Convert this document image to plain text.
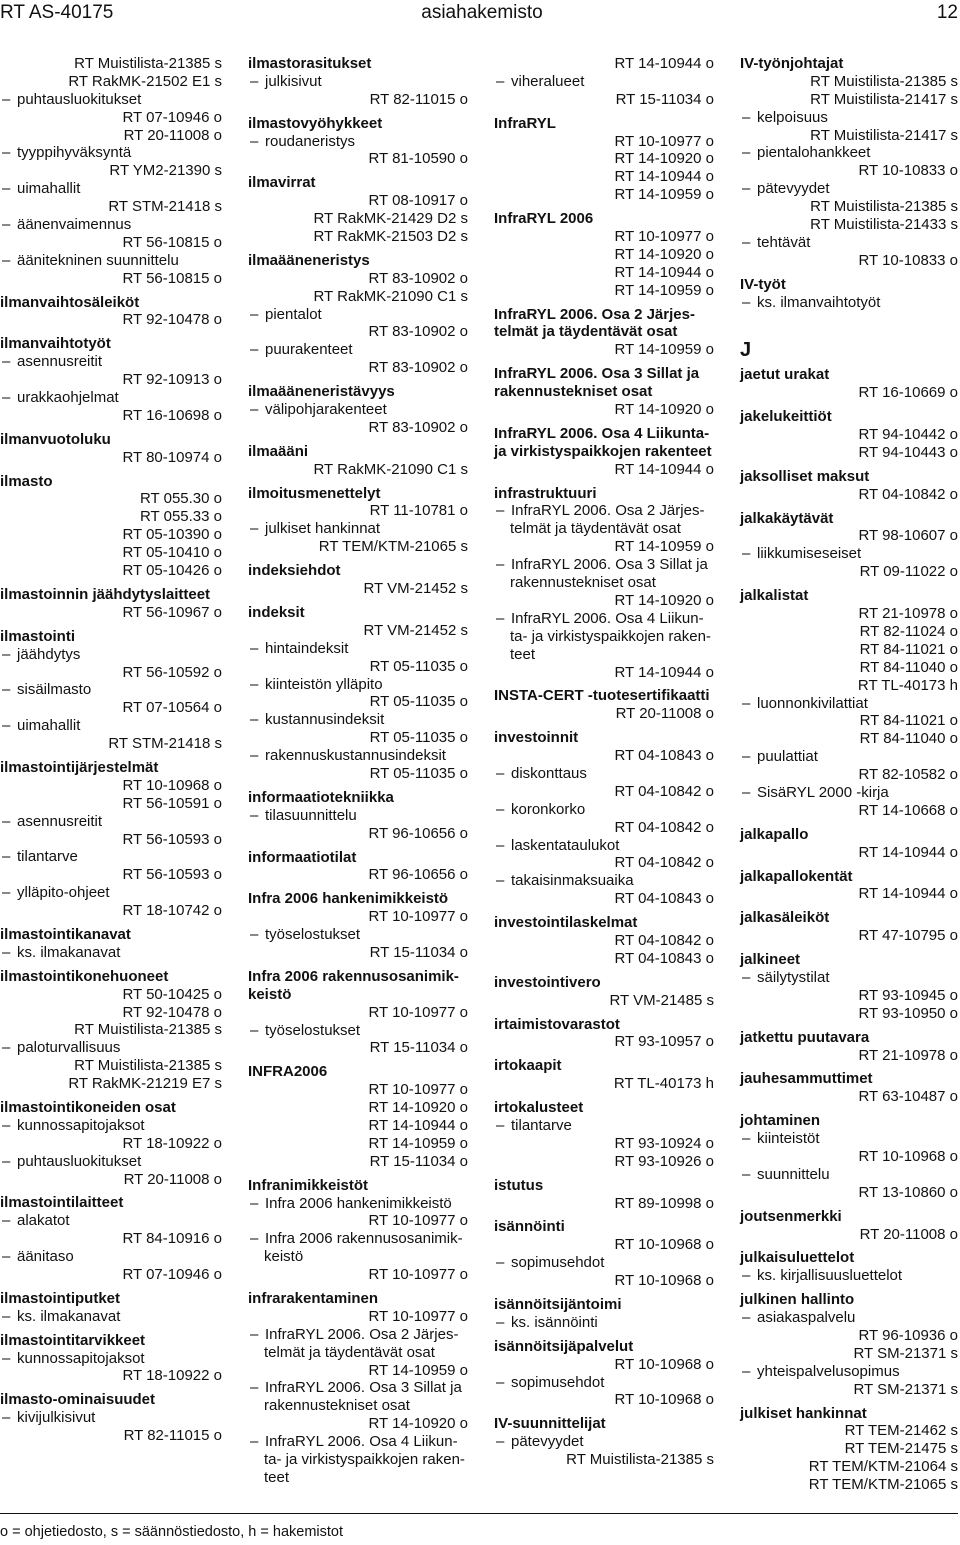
RT AS-40175	asiahakemisto	12
RT Muistilista-21385 s
RT RakMK-21502 E1 s
– puhtausluokitukset
RT 07-10946 o
RT 20-11008 o
– tyyppihyväksyntä
RT YM2-21390 s
– uimahallit
RT STM-21418 s
– äänenvaimennus
RT 56-10815 o
– äänitekninen suunnittelu
RT 56-10815 o
ilmanvaihtosäleiköt
RT 92-10478 o
ilmanvaihtotyöt
– asennusreitit
RT 92-10913 o
– urakkaohjelmat
RT 16-10698 o
ilmanvuotoluku
RT 80-10974 o
ilmasto
RT 055.30 o
RT 055.33 o
RT 05-10390 o
RT 05-10410 o
RT 05-10426 o
ilmastoinnin jäähdytyslaitteet
RT 56-10967 o
ilmastointi
– jäähdytys
RT 56-10592 o
– sisäilmasto
RT 07-10564 o
– uimahallit
RT STM-21418 s
ilmastointijärjestelmät
RT 10-10968 o
RT 56-10591 o
– asennusreitit
RT 56-10593 o
– tilantarve
RT 56-10593 o
– ylläpito-ohjeet
RT 18-10742 o
ilmastointikanavat
– ks. ilmakanavat
ilmastointikonehuoneet
RT 50-10425 o
RT 92-10478 o
RT Muistilista-21385 s
– paloturvallisuus
RT Muistilista-21385 s
RT RakMK-21219 E7 s
ilmastointikoneiden osat
– kunnossapitojaksot
RT 18-10922 o
– puhtausluokitukset
RT 20-11008 o
ilmastointilaitteet
– alakatot
RT 84-10916 o
– äänitaso
RT 07-10946 o
ilmastointiputket
– ks. ilmakanavat
ilmastointitarvikkeet
– kunnossapitojaksot
RT 18-10922 o
ilmasto-ominaisuudet
– kivijulkisivut
RT 82-11015 o
ilmastorasitukset
– julkisivut
RT 82-11015 o
ilmastovyöhykkeet
– roudaneristys
RT 81-10590 o
ilmavirrat
RT 08-10917 o
RT RakMK-21429 D2 s
RT RakMK-21503 D2 s
ilmaääneneristys
RT 83-10902 o
RT RakMK-21090 C1 s
– pientalot
RT 83-10902 o
– puurakenteet
RT 83-10902 o
ilmaääneneristävyys
– välipohjarakenteet
RT 83-10902 o
ilmaääni
RT RakMK-21090 C1 s
ilmoitusmenettelyt
RT 11-10781 o
– julkiset hankinnat
RT TEM/KTM-21065 s
indeksiehdot
RT VM-21452 s
indeksit
RT VM-21452 s
– hintaindeksit
RT 05-11035 o
– kiinteistön ylläpito
RT 05-11035 o
– kustannusindeksit
RT 05-11035 o
– rakennuskustannusindeksit
RT 05-11035 o
informaatiotekniikka
– tilasuunnittelu
RT 96-10656 o
informaatiotilat
RT 96-10656 o
Infra 2006 hankenimikkeistö
RT 10-10977 o
– työselostukset
RT 15-11034 o
Infra 2006 rakennusosanimik-
keistö
RT 10-10977 o
– työselostukset
RT 15-11034 o
INFRA2006
RT 10-10977 o
RT 14-10920 o
RT 14-10944 o
RT 14-10959 o
RT 15-11034 o
Infranimikkeistöt
– Infra 2006 hankenimikkeistö
RT 10-10977 o
– Infra 2006 rakennusosanimik-
keistö
RT 10-10977 o
infrarakentaminen
RT 10-10977 o
– InfraRYL 2006. Osa 2 Järjes-
telmät ja täydentävät osat
RT 14-10959 o
– InfraRYL 2006. Osa 3 Sillat ja
rakennustekniset osat
RT 14-10920 o
– InfraRYL 2006. Osa 4 Liikun-
ta- ja virkistyspaikkojen raken-
teet
RT 14-10944 o
– viheralueet
RT 15-11034 o
InfraRYL
RT 10-10977 o
RT 14-10920 o
RT 14-10944 o
RT 14-10959 o
InfraRYL 2006
RT 10-10977 o
RT 14-10920 o
RT 14-10944 o
RT 14-10959 o
InfraRYL 2006. Osa 2 Järjes-
telmät ja täydentävät osat
RT 14-10959 o
InfraRYL 2006. Osa 3 Sillat ja
rakennustekniset osat
RT 14-10920 o
InfraRYL 2006. Osa 4 Liikunta-
ja virkistyspaikkojen rakenteet
RT 14-10944 o
infrastruktuuri
– InfraRYL 2006. Osa 2 Järjes-
telmät ja täydentävät osat
RT 14-10959 o
– InfraRYL 2006. Osa 3 Sillat ja
rakennustekniset osat
RT 14-10920 o
– InfraRYL 2006. Osa 4 Liikun-
ta- ja virkistyspaikkojen raken-
teet
RT 14-10944 o
INSTA-CERT -tuotesertifikaatti
RT 20-11008 o
investoinnit
RT 04-10843 o
– diskonttaus
RT 04-10842 o
– koronkorko
RT 04-10842 o
– laskentataulukot
RT 04-10842 o
– takaisinmaksuaika
RT 04-10843 o
investointilaskelmat
RT 04-10842 o
RT 04-10843 o
investointivero
RT VM-21485 s
irtaimistovarastot
RT 93-10957 o
irtokaapit
RT TL-40173 h
irtokalusteet
– tilantarve
RT 93-10924 o
RT 93-10926 o
istutus
RT 89-10998 o
isännöinti
RT 10-10968 o
– sopimusehdot
RT 10-10968 o
isännöitsijäntoimi
– ks. isännöinti
isännöitsijäpalvelut
RT 10-10968 o
– sopimusehdot
RT 10-10968 o
IV-suunnittelijat
– pätevyydet
RT Muistilista-21385 s
IV-työnjohtajat
RT Muistilista-21385 s
RT Muistilista-21417 s
– kelpoisuus
RT Muistilista-21417 s
– pientalohankkeet
RT 10-10833 o
– pätevyydet
RT Muistilista-21385 s
RT Muistilista-21433 s
– tehtävät
RT 10-10833 o
IV-työt
– ks. ilmanvaihtotyöt
J
jaetut urakat
RT 16-10669 o
jakelukeittiöt
RT 94-10442 o
RT 94-10443 o
jaksolliset maksut
RT 04-10842 o
jalkakäytävät
RT 98-10607 o
– liikkumiseseiset
RT 09-11022 o
jalkalistat
RT 21-10978 o
RT 82-11024 o
RT 84-11021 o
RT 84-11040 o
RT TL-40173 h
– luonnonkivilattiat
RT 84-11021 o
RT 84-11040 o
– puulattiat
RT 82-10582 o
– SisäRYL 2000 -kirja
RT 14-10668 o
jalkapallo
RT 14-10944 o
jalkapallokentät
RT 14-10944 o
jalkasäleiköt
RT 47-10795 o
jalkineet
– säilytystilat
RT 93-10945 o
RT 93-10950 o
jatkettu puutavara
RT 21-10978 o
jauhesammuttimet
RT 63-10487 o
johtaminen
– kiinteistöt
RT 10-10968 o
– suunnittelu
RT 13-10860 o
joutsenmerkki
RT 20-11008 o
julkaisuluettelot
– ks. kirjallisuusluettelot
julkinen hallinto
– asiakaspalvelu
RT 96-10936 o
RT SM-21371 s
– yhteispalvelusopimus
RT SM-21371 s
julkiset hankinnat
RT TEM-21462 s
RT TEM-21475 s
RT TEM/KTM-21064 s
RT TEM/KTM-21065 s
o = ohjetiedosto, s = säännöstiedosto, h = hakemistot
